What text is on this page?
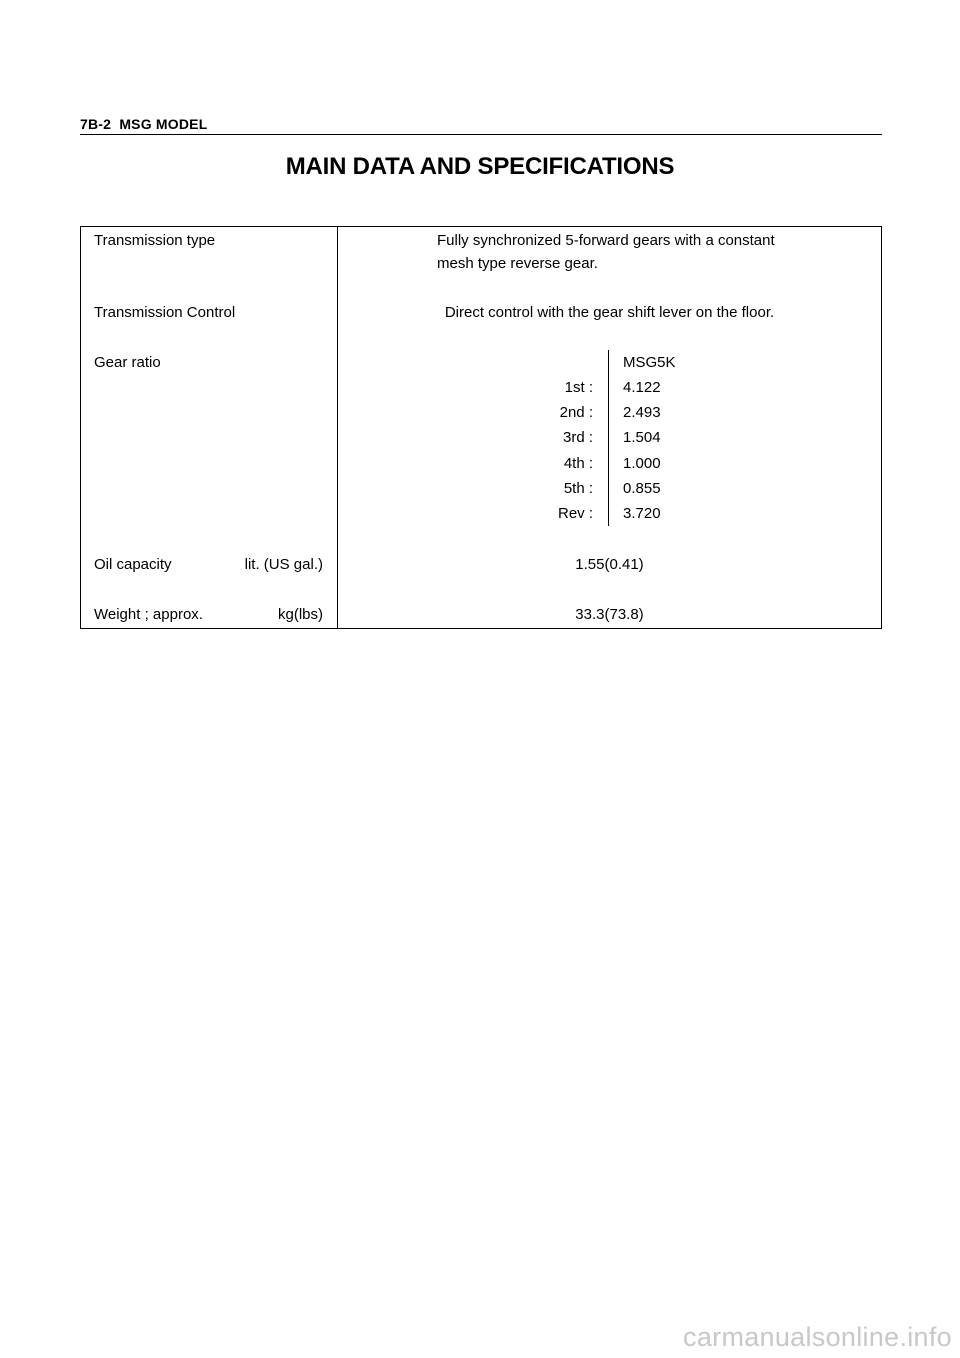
7B-2  MSG MODEL
MAIN DATA AND SPECIFICATIONS
Transmission type	Fully synchronized 5-forward gears with a constant
mesh type reverse gear.
Transmission Control	Direct control with the gear shift lever on the floor.
Gear ratio	MSG5K
1st : 4.122
2nd : 2.493
3rd : 1.504
4th : 1.000
5th : 0.855
Rev : 3.720
Oil capacity	lit. (US gal.)	1.55(0.41)
Weight ; approx.	kg(lbs)	33.3(73.8)
carmanualsonline.info
